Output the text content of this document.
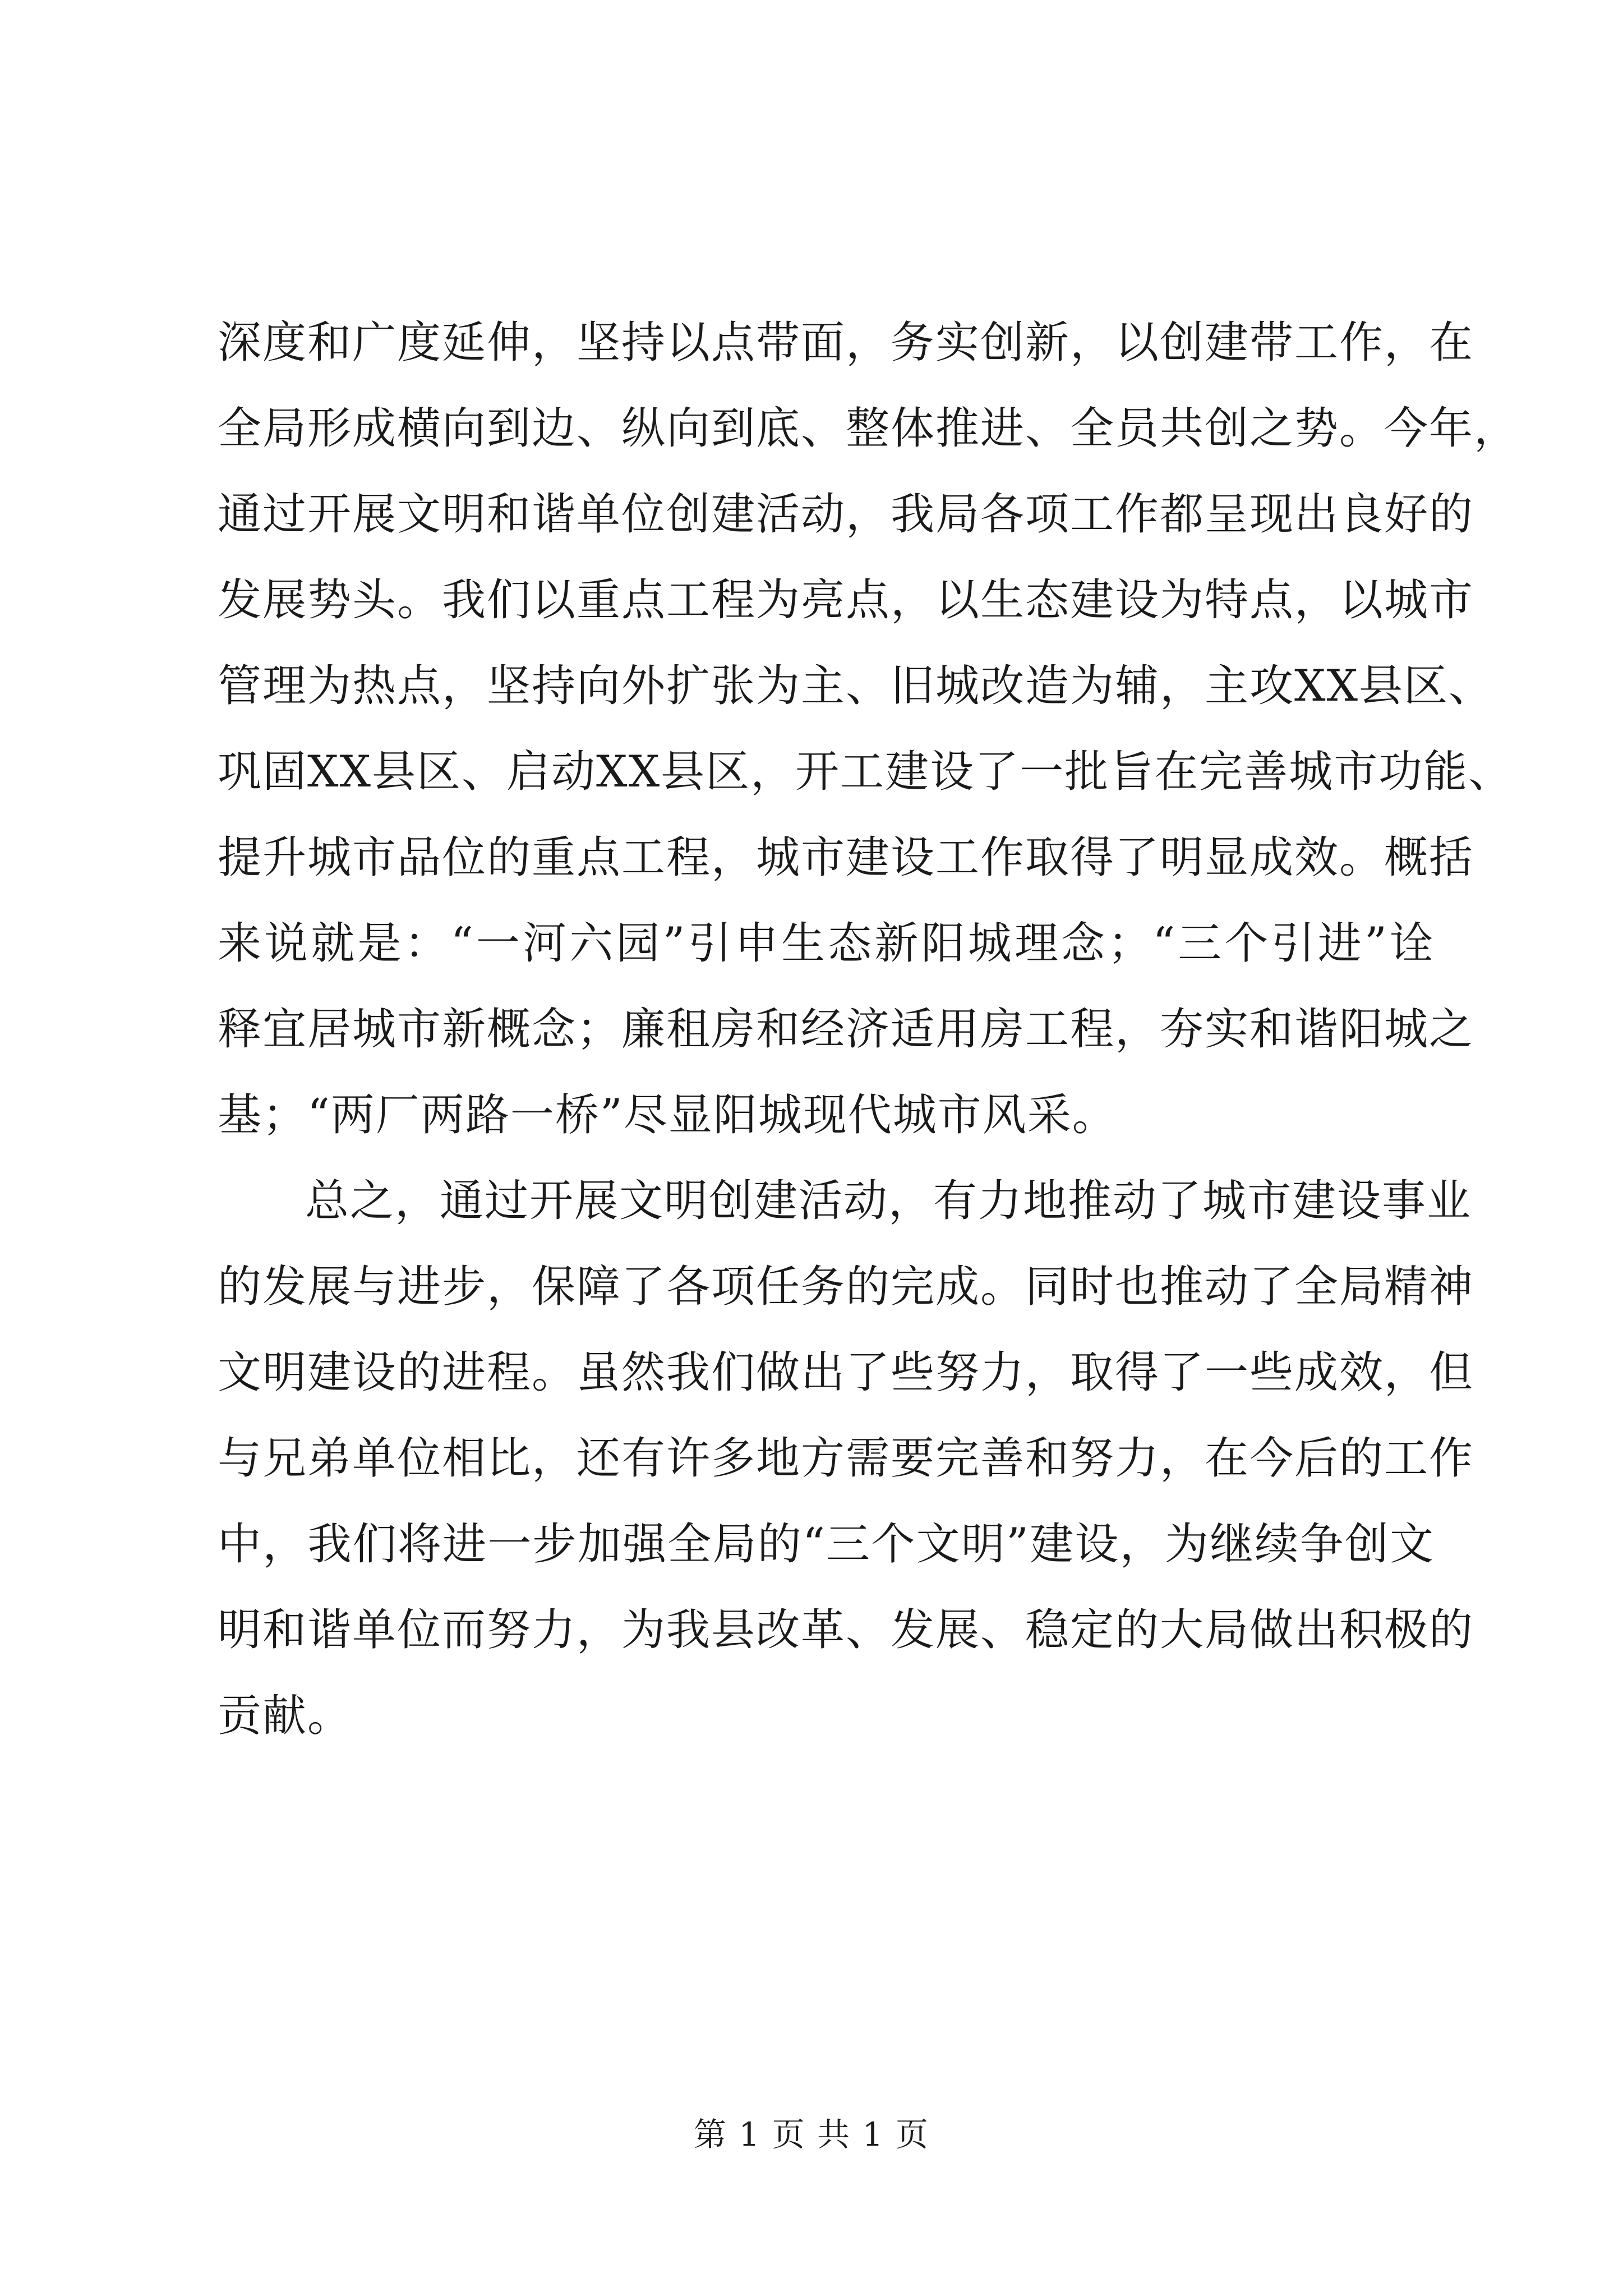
深度和广度延伸，坚持以点带面，务实创新，以创建带工作，在
全局形成横向到边、纵向到底、整体推进、全员共创之势。今年，
通过开展文明和谐单位创建活动，我局各项工作都呈现出良好的
发展势头。我们以重点工程为亮点，以生态建设为特点，以城市
管理为热点，坚持向外扩张为主、旧城改造为辅，主攻XX县区、
巩固XX县区、启动XX县区，开工建设了一批旨在完善城市功能、
提升城市品位的重点工程，城市建设工作取得了明显成效。概括
来说就是：“一河六园”引申生态新阳城理念；“三个引进”诠
释宜居城市新概念；廉租房和经济适用房工程，夯实和谐阳城之
基；“两厂两路一桥”尽显阳城现代城市风采。
总之，通过开展文明创建活动，有力地推动了城市建设事业
的发展与进步，保障了各项任务的完成。同时也推动了全局精神
文明建设的进程。虽然我们做出了些努力，取得了一些成效，但
与兄弟单位相比，还有许多地方需要完善和努力，在今后的工作
中，我们将进一步加强全局的“三个文明”建设，为继续争创文
明和谐单位而努力，为我县改革、发展、稳定的大局做出积极的
贡献。
第 1 页 共 1 页
